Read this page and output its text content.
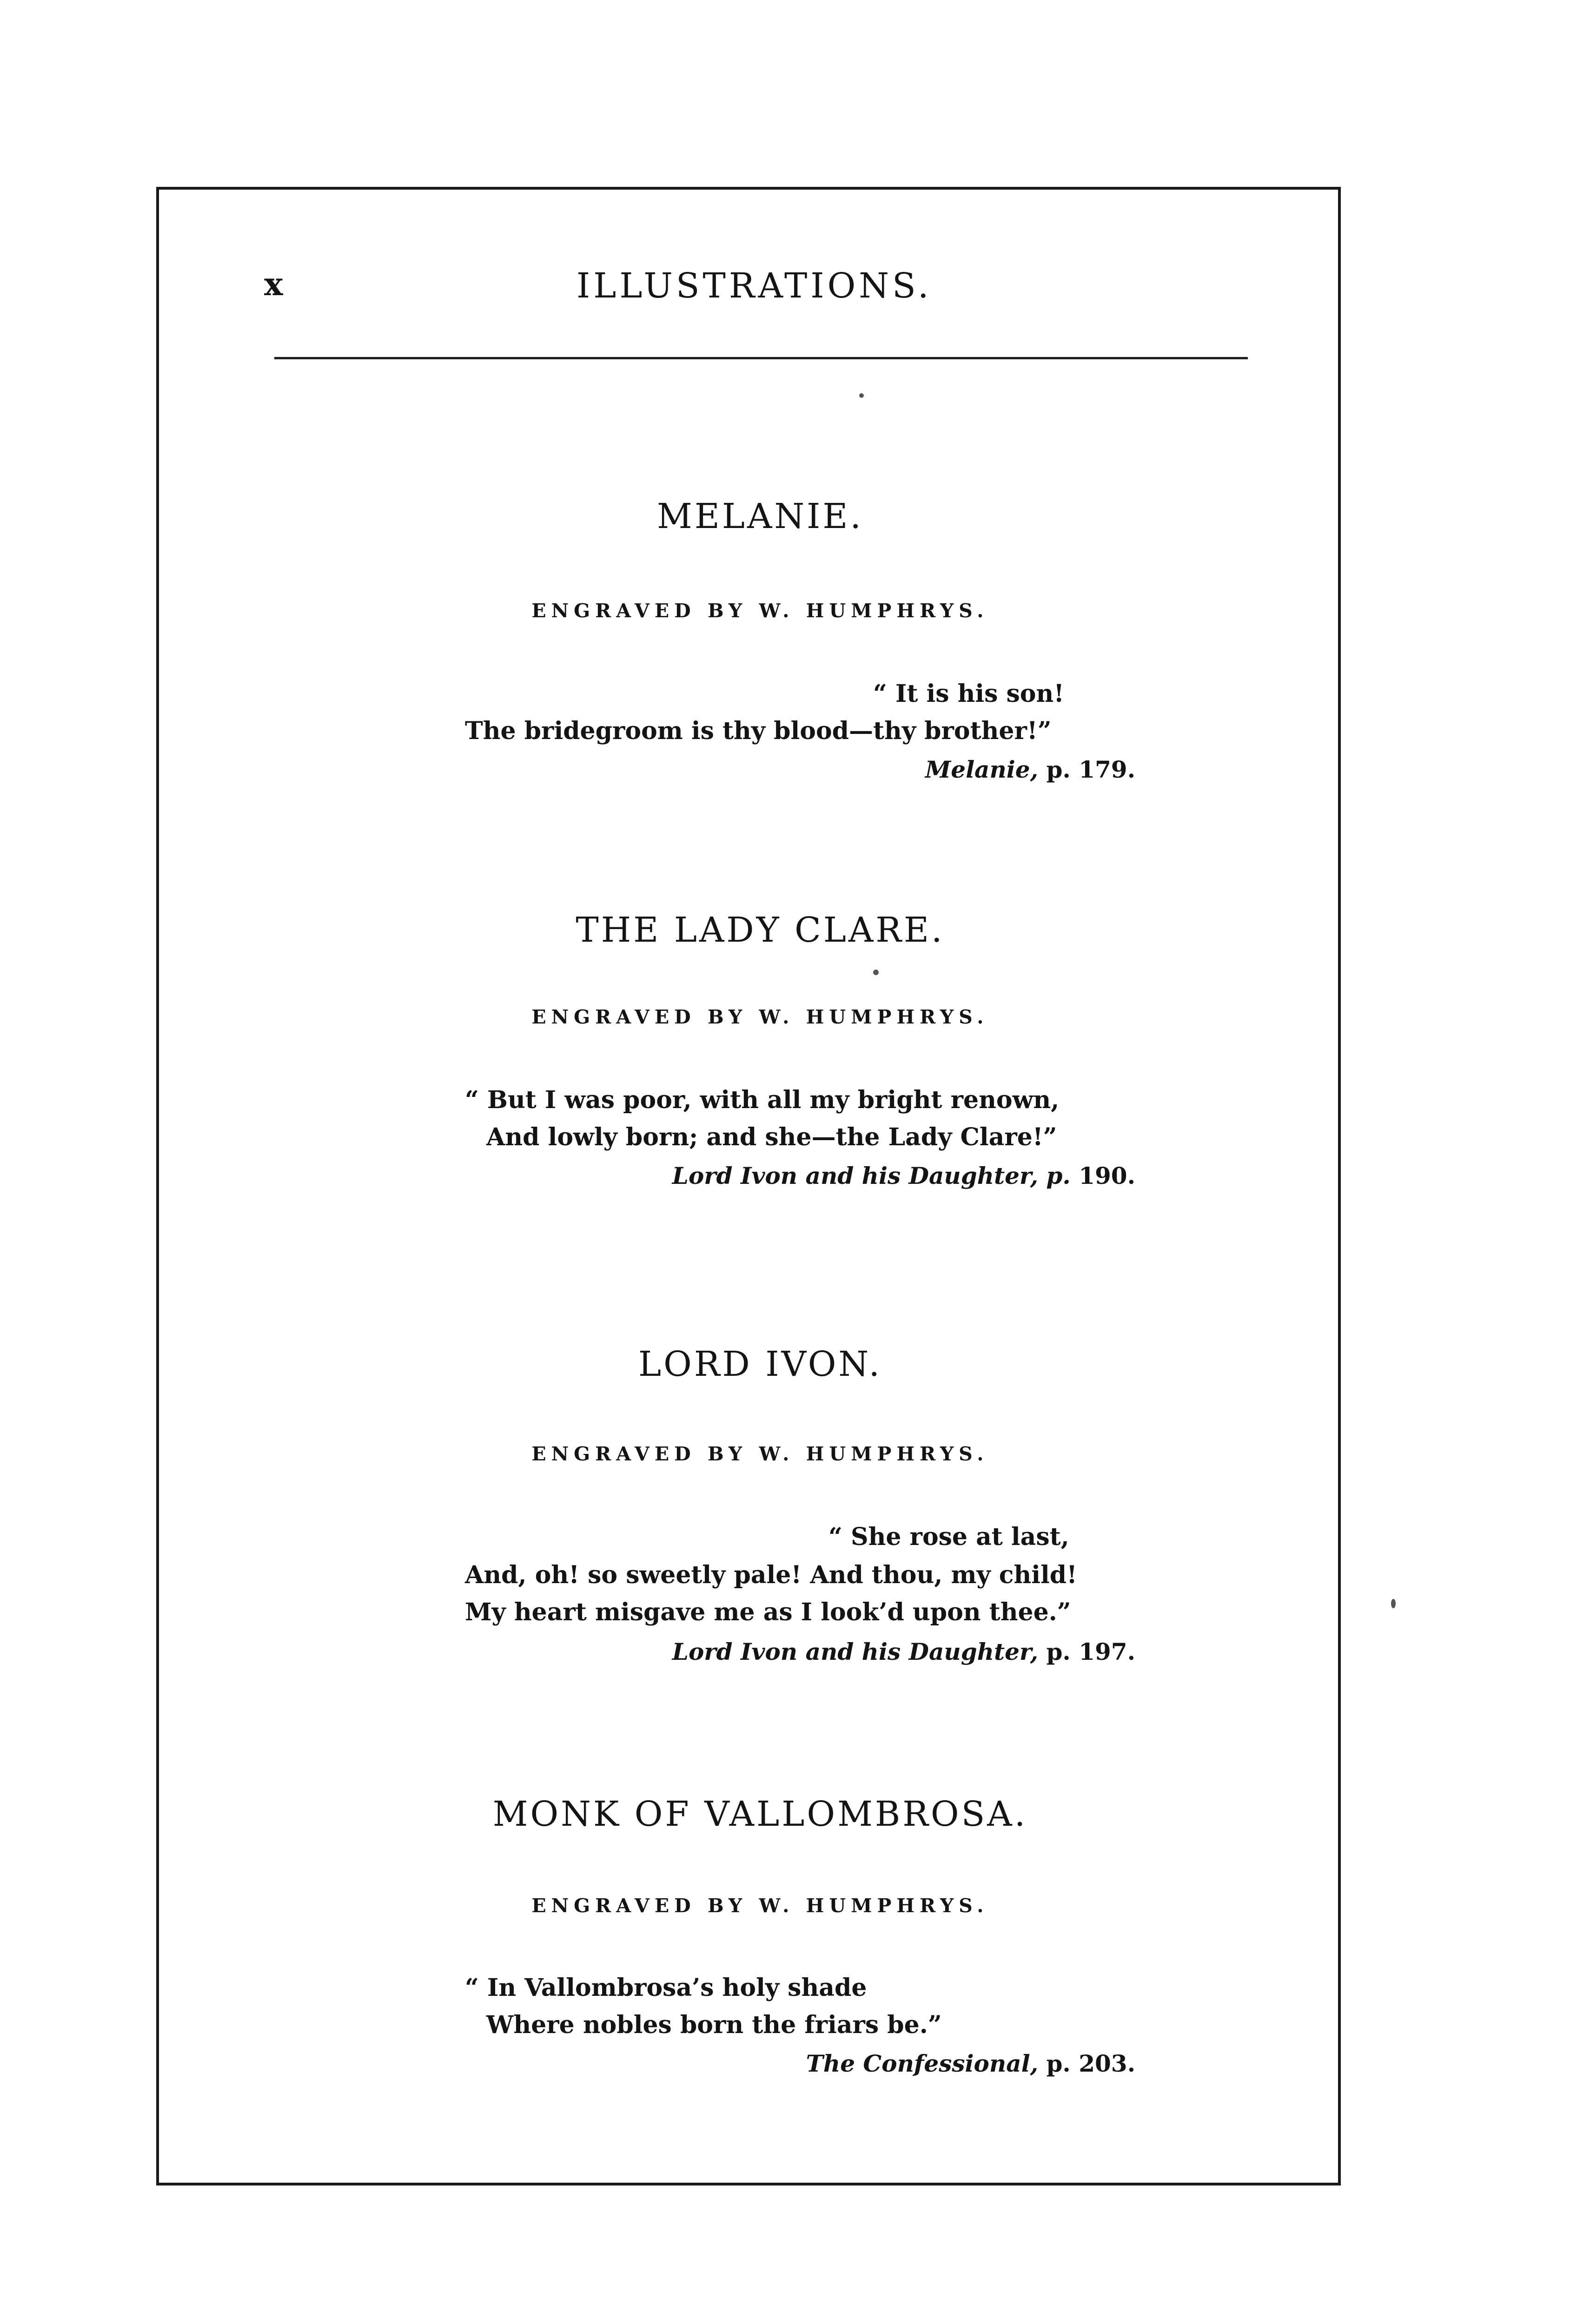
x	ILLUSTRATIONS.
MELANIE.
ENGRAVED BY W. HUMPHRYS.
“ It is his son!
The bridegroom is thy blood—thy brother!”
Melanie, p. 179.
THE LADY CLARE.
ENGRAVED BY W. HUMPHRYS.
“ But I was poor, with all my bright renown,
And lowly born; and she—the Lady Clare!”
Lord Ivon and his Daughter, p. 190.
LORD IVON.
ENGRAVED BY W. HUMPHRYS.
“ She rose at last,
And, oh! so sweetly pale! And thou, my child!
My heart misgave me as I look’d upon thee.”
Lord Ivon and his Daughter, p. 197.
MONK OF VALLOMBROSA.
ENGRAVED BY W. HUMPHRYS.
“ In Vallombrosa’s holy shade
Where nobles born the friars be.”
The Confessional, p. 203.
